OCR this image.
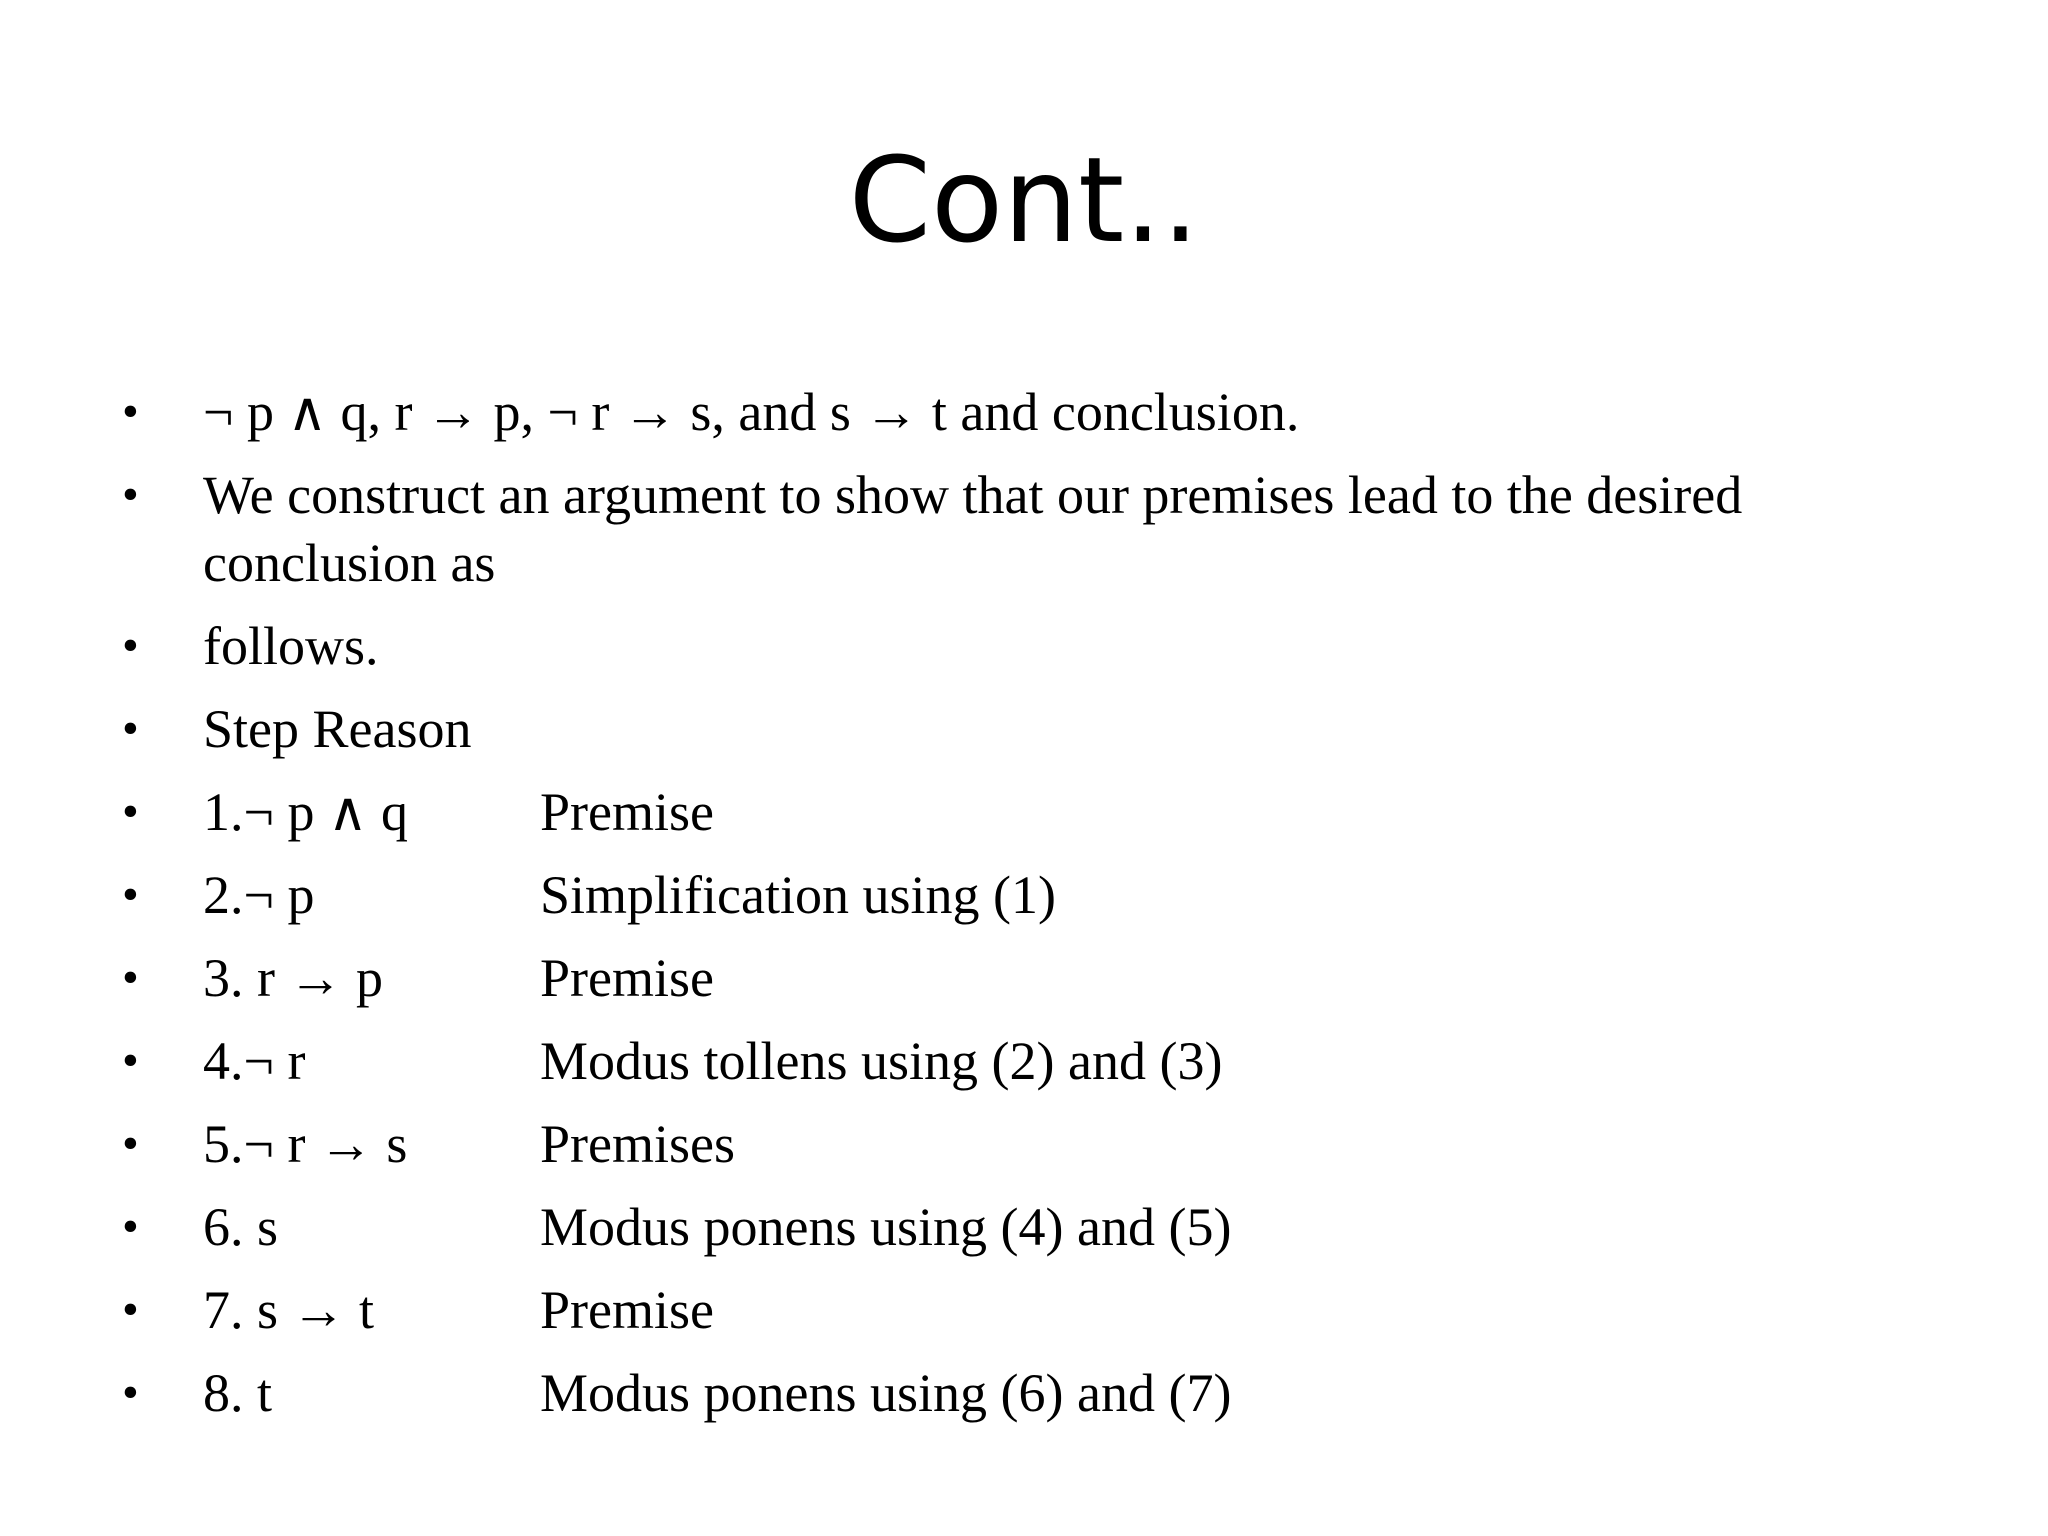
Cont..
• ¬ p ∧ q, r → p, ¬ r → s, and s → t and conclusion.
• We construct an argument to show that our premises lead to the desired conclusion as
• follows.
• Step Reason
• 1.¬ p ∧ q Premise
• 2.¬ p	Simplification using (1)
• 3. r → p	Premise
• 4.¬ r	Modus tollens using (2) and (3)
• 5.¬ r → s Premises
• 6. s	Modus ponens using (4) and (5)
• 7. s → t	Premise
• 8. t	Modus ponens using (6) and (7)
